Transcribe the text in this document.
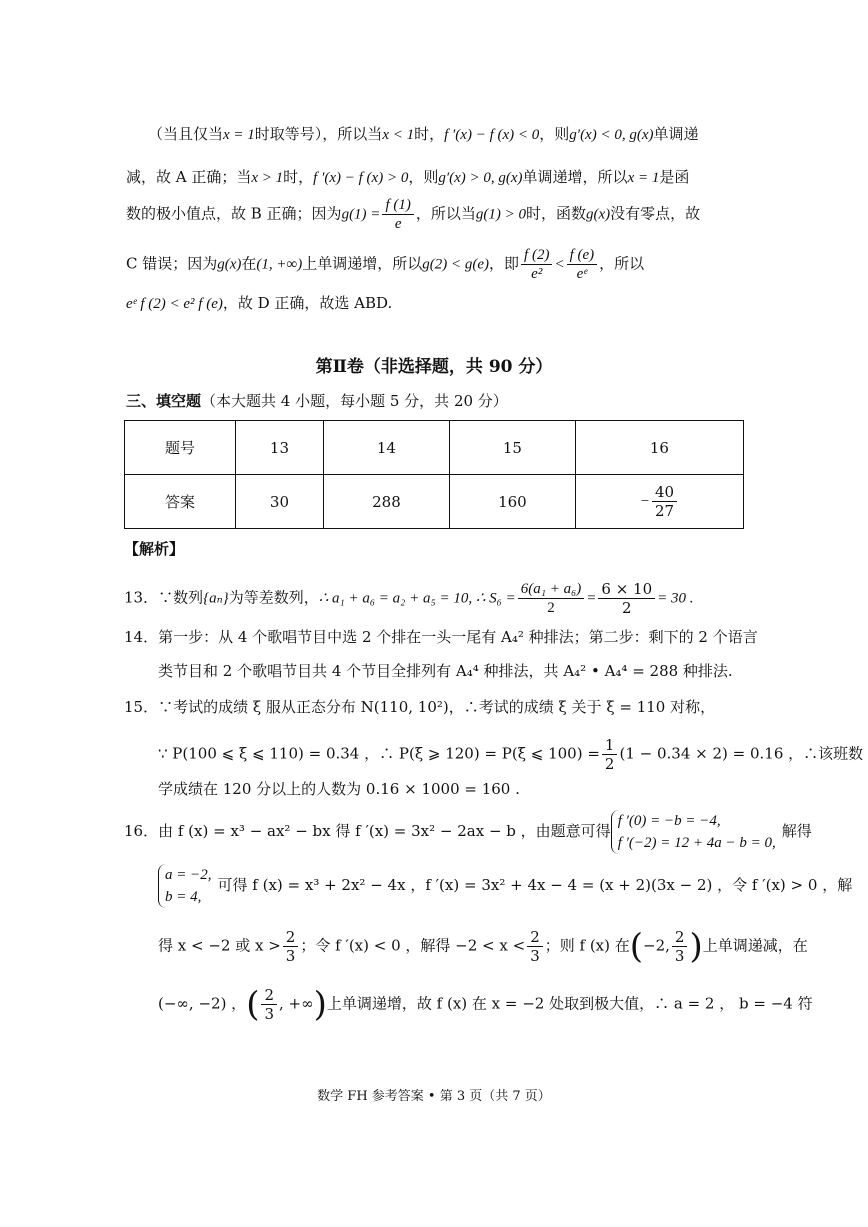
（当且仅当x = 1时取等号），所以当x < 1时，f ′(x) − f (x) < 0，则g′(x) < 0, g(x)单调递
减，故 A 正确；当x > 1时，f ′(x) − f (x) > 0，则g′(x) > 0, g(x)单调递增，所以x = 1是函
数的极小值点，故 B 正确；因为$g(1) = \frac{f (1)}{e}$ ，所以当g(1) > 0时，函数g(x)没有零点，故
C 错误；因为g(x)在(1, +∞)上单调递增，所以g(2) < g(e)，即 $\frac{f (2)}{\text{e²}} < \frac{f (e)}{\text{eᵉ}}$ ，所以
eᵉ f (2) < e² f (e)，故 D 正确，故选 ABD.
第Ⅱ卷（非选择题，共 90 分）
三、填空题（本大题共 4 小题，每小题 5 分，共 20 分）
题号	13	14	15	16
答案	30	288	160	− $\frac{40}{27}$
【解析】
13．∵数列{aₙ}为等差数列，∴ a₁ + a₆ = a₂ + a₅ = 10, ∴ $S_6 = \frac{\text{6(a₁ + a₆)}}{2} = \frac{6 \times 10}{2} = 30$ .
14．第一步：从 4 个歌唱节目中选 2 个排在一头一尾有 A₄² 种排法；第二步：剩下的 2 个语言
类节目和 2 个歌唱节目共 4 个节目全排列有 A₄⁴ 种排法，共 A₄² • A₄⁴ = 288 种排法.
15．∵考试的成绩 ξ 服从正态分布 N(110, 10²)，∴考试的成绩 ξ 关于 ξ = 110 对称，
∵ P(100 ⩽ ξ ⩽ 110) = 0.34 ，∴ P(ξ ⩾ 120) = P(ξ ⩽ $100) = \frac{1}{2} (1 - 0.34 \times 2) = 0.16$ ，∴该班数
学成绩在 120 分以上的人数为 0.16 × 1000 = 160 .
16．由 f (x) = x³ − ax² − bx 得 f ′(x) = 3x² − 2ax − b ，由题意可得
f ′(0) = −b = −4,
f ′(−2) = 12 + 4a − b = 0,
解得
a = −2,
b = 4,
可得 f (x) = x³ + 2x² − 4x ，f ′(x) = 3x² + 4x − 4 = (x + 2)(3x − 2) ，令 f ′(x) > 0 ，解
得 x < −2 或 $x > \frac{2}{3}$ ；令 f ′(x) < 0 ，解得 $-2 < x < \frac{2}{3}$ ；则 f (x) 在(−2, $\frac{2}{3}$ )上单调递减，在
(−∞, −2) ，( $\frac{2}{3}$ , +∞)上单调递增，故 f (x) 在 x = −2 处取到极大值，∴ a = 2 ， b = −4 符
数学 FH 参考答案 • 第 3 页（共 7 页）
